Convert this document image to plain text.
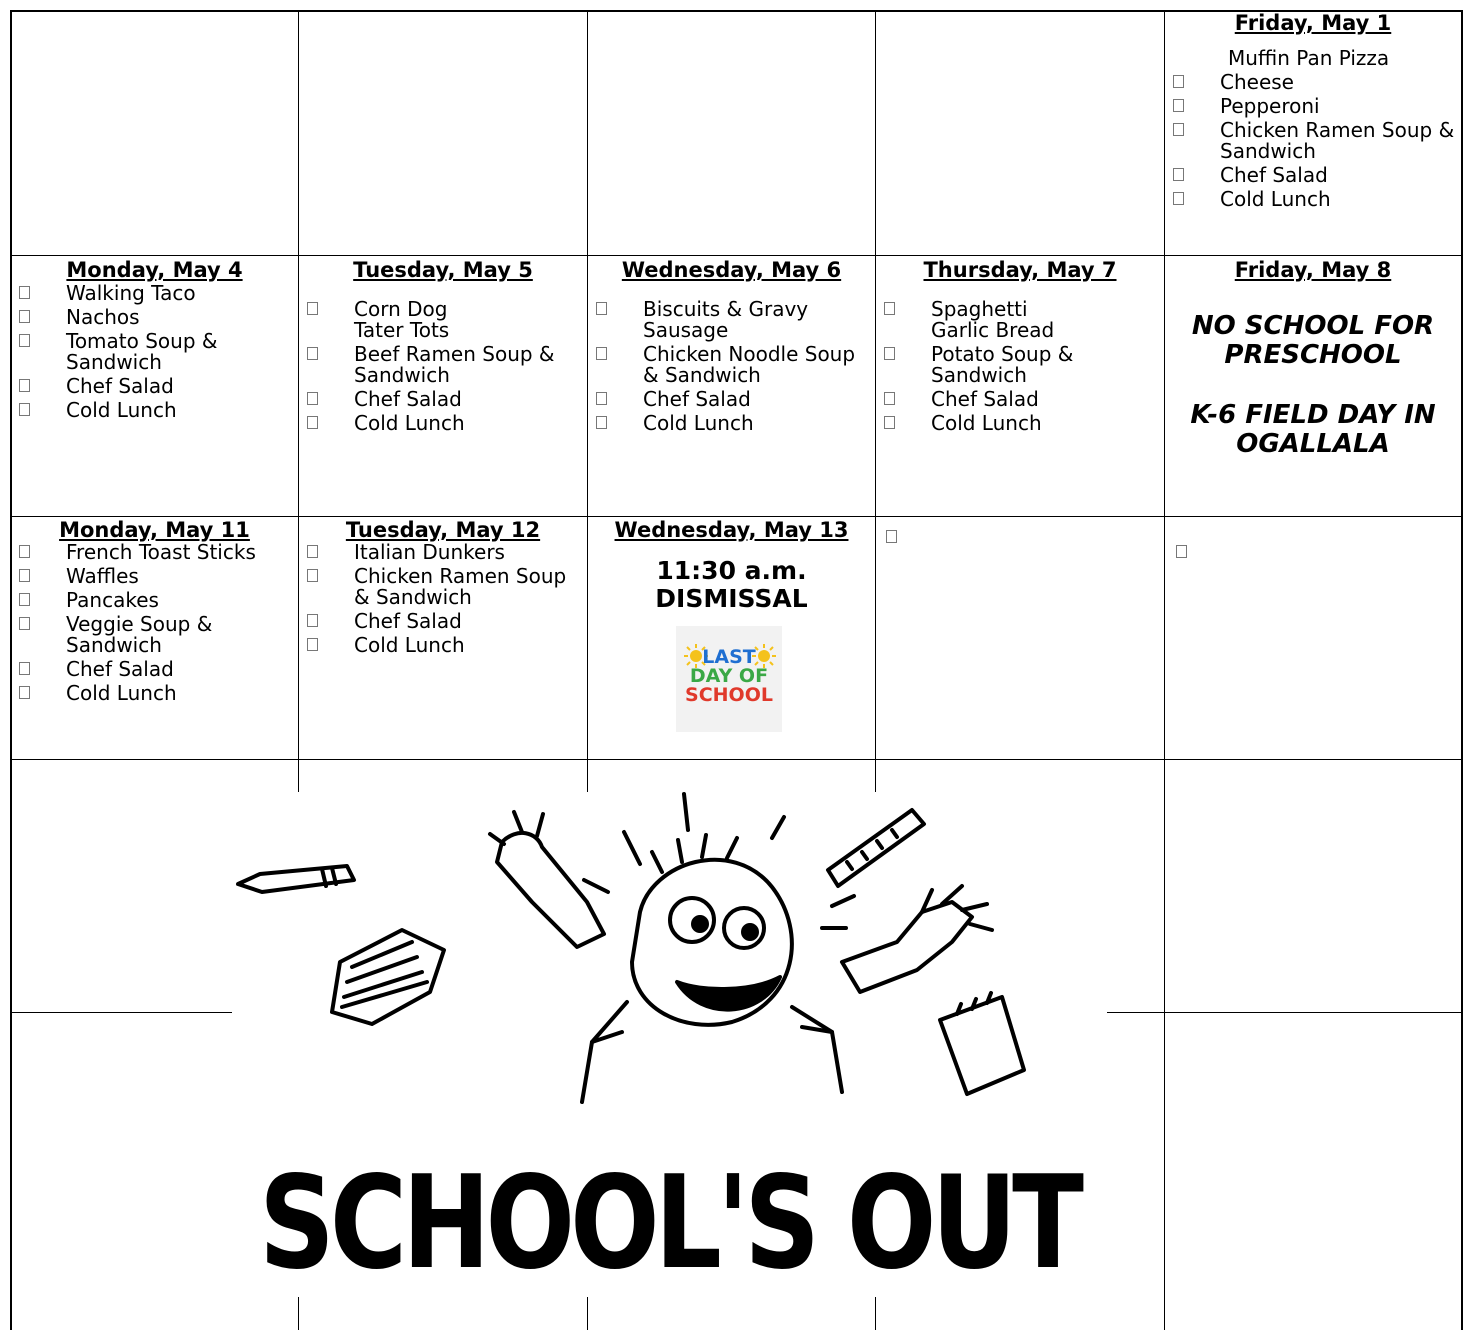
Friday, May 1
Muffin Pan Pizza
Cheese
Pepperoni
Chicken Ramen Soup &
Sandwich
Chef Salad
Cold Lunch
Monday, May 4
Walking Taco
Nachos
Tomato Soup &
Sandwich
Chef Salad
Cold Lunch
Tuesday, May 5
Corn Dog
Tater Tots
Beef Ramen Soup &
Sandwich
Chef Salad
Cold Lunch
Wednesday, May 6
Biscuits & Gravy
Sausage
Chicken Noodle Soup
& Sandwich
Chef Salad
Cold Lunch
Thursday, May 7
Spaghetti
Garlic Bread
Potato Soup &
Sandwich
Chef Salad
Cold Lunch
Friday, May 8
NO SCHOOL FOR
PRESCHOOL
K-6 FIELD DAY IN
OGALLALA
Monday, May 11
French Toast Sticks
Waffles
Pancakes
Veggie Soup &
Sandwich
Chef Salad
Cold Lunch
Tuesday, May 12
Italian Dunkers
Chicken Ramen Soup
& Sandwich
Chef Salad
Cold Lunch
Wednesday, May 13
11:30 a.m.
DISMISSAL
LAST
DAY OF
SCHOOL
SCHOOL'S OUT
